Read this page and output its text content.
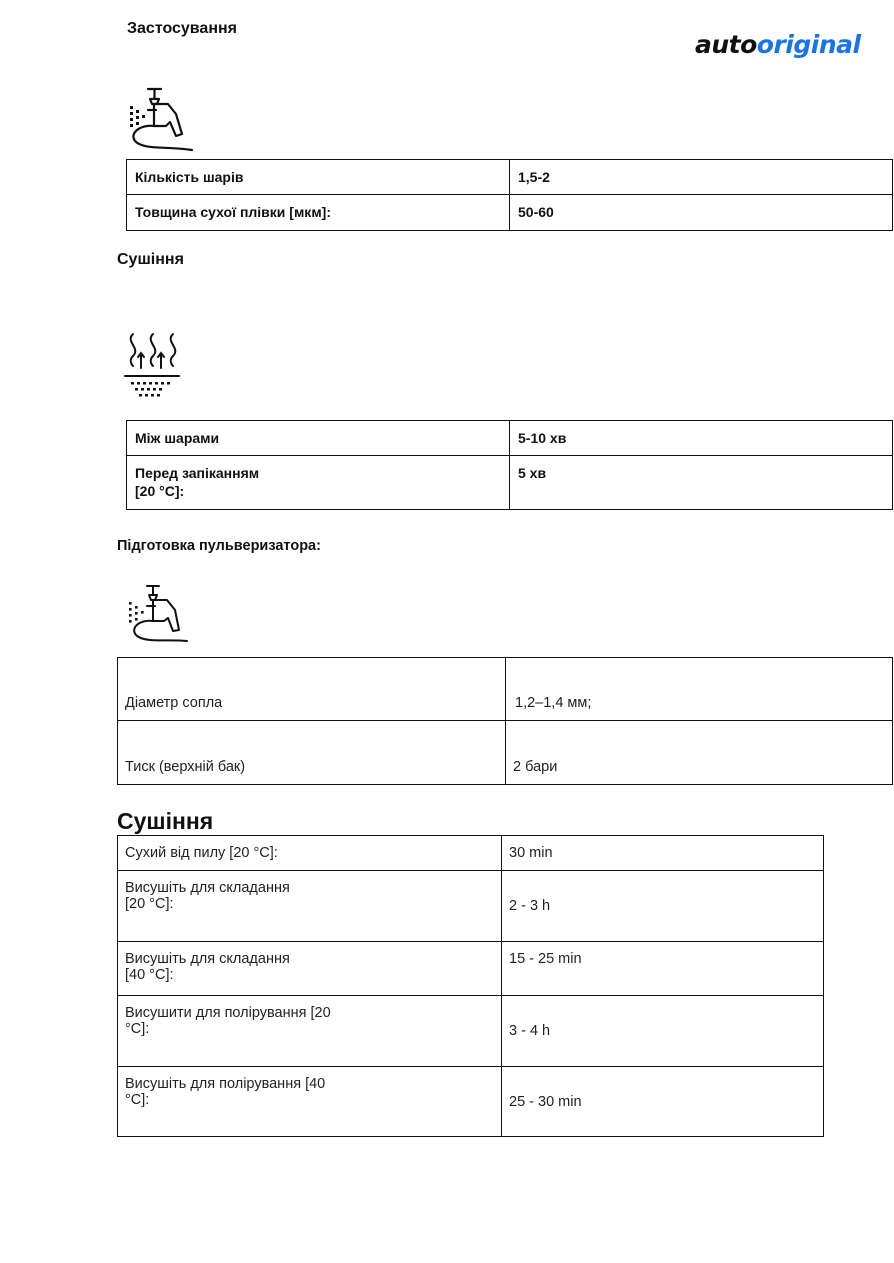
Застосування
autooriginal
Кількість шарів	1,5-2
Товщина сухої плівки [мкм]:	50-60
Сушіння
Між шарами	5-10 хв

Перед запіканням
[20 °C]:	5 хв
Підготовка пульверизатора:
Діаметр сопла	1,2–1,4 мм;
Тиск (верхній бак)	2 бари
Сушіння
Сухий від пилу [20 °C]:	30 min

Висушіть для складання
[20 °C]:	2 - 3 h

Висушіть для складання
[40 °C]:	15 - 25 min

Висушити для полірування [20
°C]:	3 - 4 h

Висушіть для полірування [40
°C]:	25 - 30 min
